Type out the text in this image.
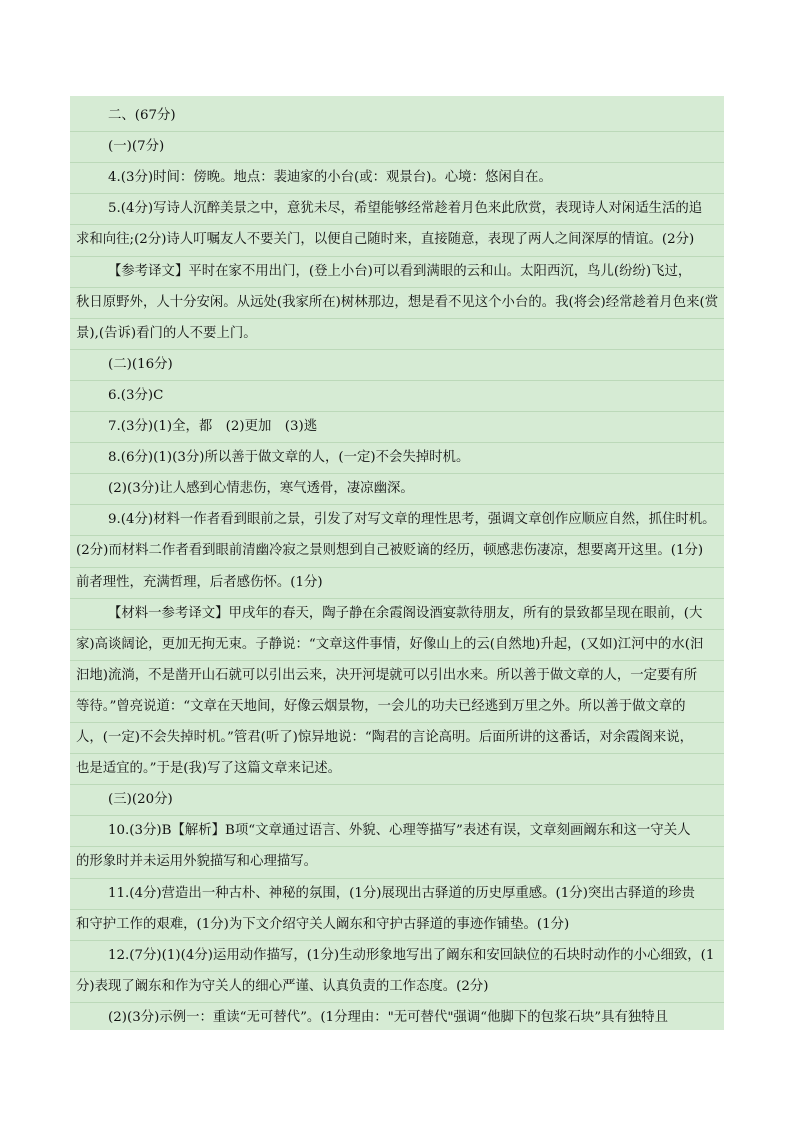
二、(67分)
(一)(7分)
4.(3分)时间：傍晚。地点：裴迪家的小台(或：观景台)。心境：悠闲自在。
5.(4分)写诗人沉醉美景之中，意犹未尽，希望能够经常趁着月色来此欣赏，表现诗人对闲适生活的追
求和向往;(2分)诗人叮嘱友人不要关门，以便自己随时来，直接随意，表现了两人之间深厚的情谊。(2分)
【参考译文】平时在家不用出门，(登上小台)可以看到满眼的云和山。太阳西沉，鸟儿(纷纷)飞过，
秋日原野外，人十分安闲。从远处(我家所在)树林那边，想是看不见这个小台的。我(将会)经常趁着月色来(赏
景),(告诉)看门的人不要上门。
(二)(16分)
6.(3分)C
7.(3分)(1)全，都　(2)更加　(3)逃
8.(6分)(1)(3分)所以善于做文章的人，(一定)不会失掉时机。
(2)(3分)让人感到心情悲伤，寒气透骨，凄凉幽深。
9.(4分)材料一作者看到眼前之景，引发了对写文章的理性思考，强调文章创作应顺应自然，抓住时机。
(2分)而材料二作者看到眼前清幽冷寂之景则想到自己被贬谪的经历，顿感悲伤凄凉，想要离开这里。(1分)
前者理性，充满哲理，后者感伤怀。(1分)
【材料一参考译文】甲戌年的春天，陶子静在余霞阁设酒宴款待朋友，所有的景致都呈现在眼前，(大
家)高谈阔论，更加无拘无束。子静说：“文章这件事情，好像山上的云(自然地)升起，(又如)江河中的水(汩
汩地)流淌，不是凿开山石就可以引出云来，决开河堤就可以引出水来。所以善于做文章的人，一定要有所
等待。”曾亮说道：“文章在天地间，好像云烟景物，一会儿的功夫已经逃到万里之外。所以善于做文章的
人，(一定)不会失掉时机。”管君(听了)惊异地说：“陶君的言论高明。后面所讲的这番话，对余霞阁来说，
也是适宜的。”于是(我)写了这篇文章来记述。
(三)(20分)
10.(3分)B【解析】B项“文章通过语言、外貌、心理等描写”表述有误，文章刻画阚东和这一守关人
的形象时并未运用外貌描写和心理描写。
11.(4分)营造出一种古朴、神秘的氛围，(1分)展现出古驿道的历史厚重感。(1分)突出古驿道的珍贵
和守护工作的艰难，(1分)为下文介绍守关人阚东和守护古驿道的事迹作铺垫。(1分)
12.(7分)(1)(4分)运用动作描写，(1分)生动形象地写出了阚东和安回缺位的石块时动作的小心细致，(1
分)表现了阚东和作为守关人的细心严谨、认真负责的工作态度。(2分)
(2)(3分)示例一：重读“无可替代”。(1分理由："无可替代"强调“他脚下的包浆石块”具有独特且
